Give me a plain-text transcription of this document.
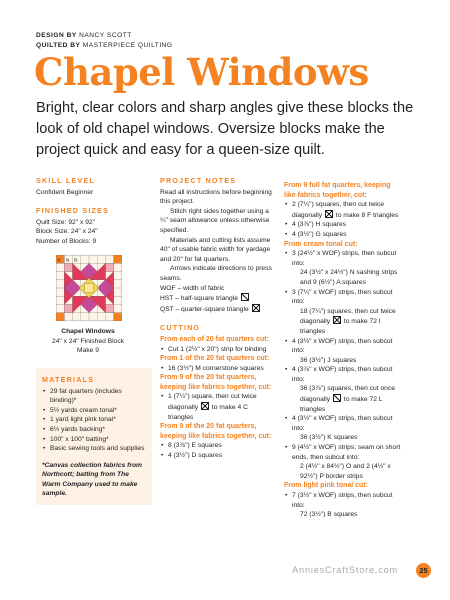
DESIGN BY NANCY SCOTT
QUILTED BY MASTERPIECE QUILTING
Chapel Windows

Bright, clear colors and sharp angles give these blocks the look of old chapel windows. Oversize blocks make the project quick and easy for a queen-size quilt.

SKILL LEVEL
Confident Beginner
FINISHED SIZES
Quilt Size: 92" x 92"
Block Size: 24" x 24"
Number of Blocks: 9
K N B
Chapel Windows
24" x 24" Finished Block
Make 9
MATERIALS
• 29 fat quarters (includes binding)*
• 5½ yards cream tonal*
• 1 yard light pink tonal*
• 6½ yards backing*
• 100" x 100" batting*
• Basic sewing tools and supplies
*Canvas collection fabrics from Northcott; batting from The Warm Company used to make sample.
PROJECT NOTES
Read all instructions before beginning this project.
Stitch right sides together using a ¼" seam allowance unless otherwise specified.
Materials and cutting lists assume 40" of usable fabric width for yardage and 20" for fat quarters.
Arrows indicate directions to press seams.
WOF – width of fabric
HST – half-square triangle
QST – quarter-square triangle
CUTTING
From each of 20 fat quarters cut:
• Cut 1 (2½" x 20") strip for binding
From 1 of the 20 fat quarters cut:
• 16 (3½") M cornerstone squares
From 9 of the 20 fat quarters, keeping like fabrics together, cut:
• 1 (7¼") square, then cut twice diagonally to make 4 C triangles
From 9 of the 20 fat quarters, keeping like fabrics together, cut:
• 8 (3⅞") E squares
• 4 (3½") D squares
From 9 full fat quarters, keeping like fabrics together, cut:
• 2 (7¼") squares, then cut twice diagonally to make 8 F triangles
• 4 (3⅞") H squares
• 4 (3½") G squares
From cream tonal cut:
• 3 (24½" x WOF) strips, then subcut into:
24 (3½" x 24½") N sashing strips and 9 (6½") A squares
• 3 (7¼" x WOF) strips, then subcut into:
18 (7¼") squares, then cut twice diagonally to make 72 I triangles
• 4 (3½" x WOF) strips, then subcut into:
36 (3½") J squares
• 4 (3⅞" x WOF) strips, then subcut into:
36 (3⅞") squares, then cut once diagonally to make 72 L triangles
• 4 (3½" x WOF) strips, then subcut into:
36 (3½") K squares
• 9 (4½" x WOF) strips; seam on short ends, then subcut into:
2 (4½" x 84½") O and 2 (4½" x 92½") P border strips
From light pink tonal cut:
• 7 (3½" x WOF) strips, then subcut into:
72 (3½") B squares
AnniesCraftStore.com	25
